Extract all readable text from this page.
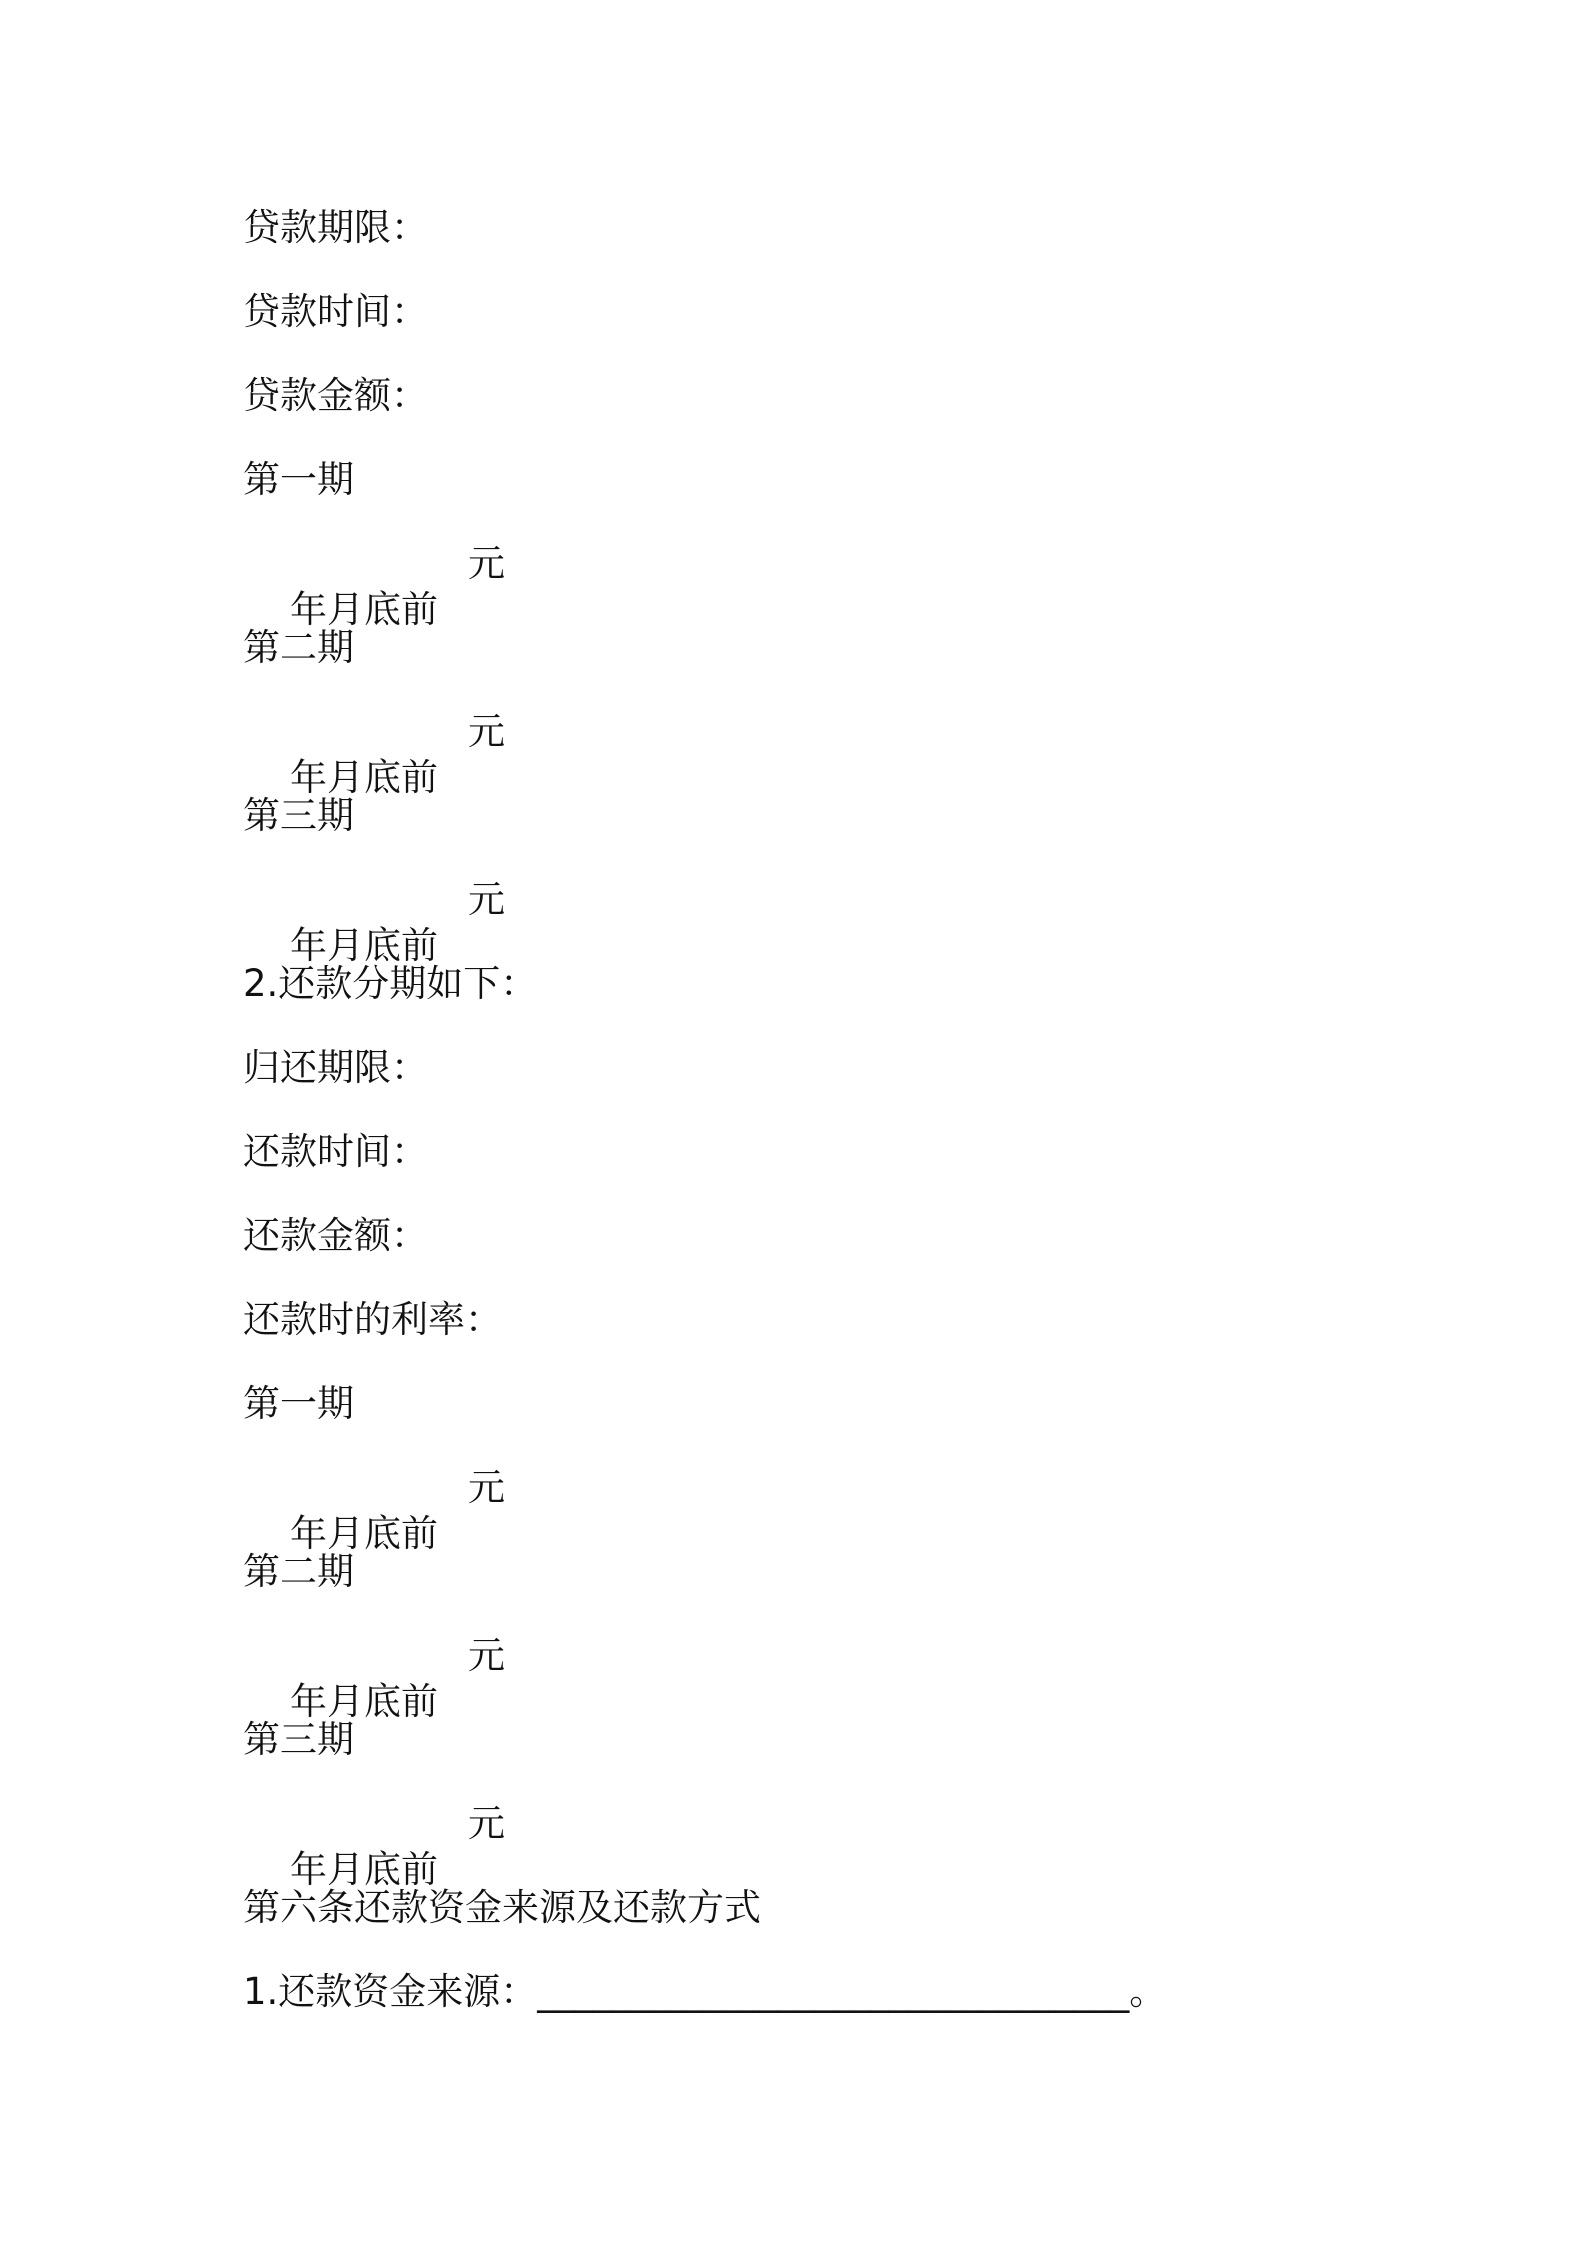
贷款期限：
贷款时间：
贷款金额：
第一期

年月底前

元

第二期

年月底前

元

第三期

年月底前

元

2.还款分期如下：
归还期限：
还款时间：
还款金额：
还款时的利率：
第一期

年月底前

元

第二期

年月底前

元

第三期

年月底前

元

第六条还款资金来源及还款方式
1.还款资金来源：________________________________。
